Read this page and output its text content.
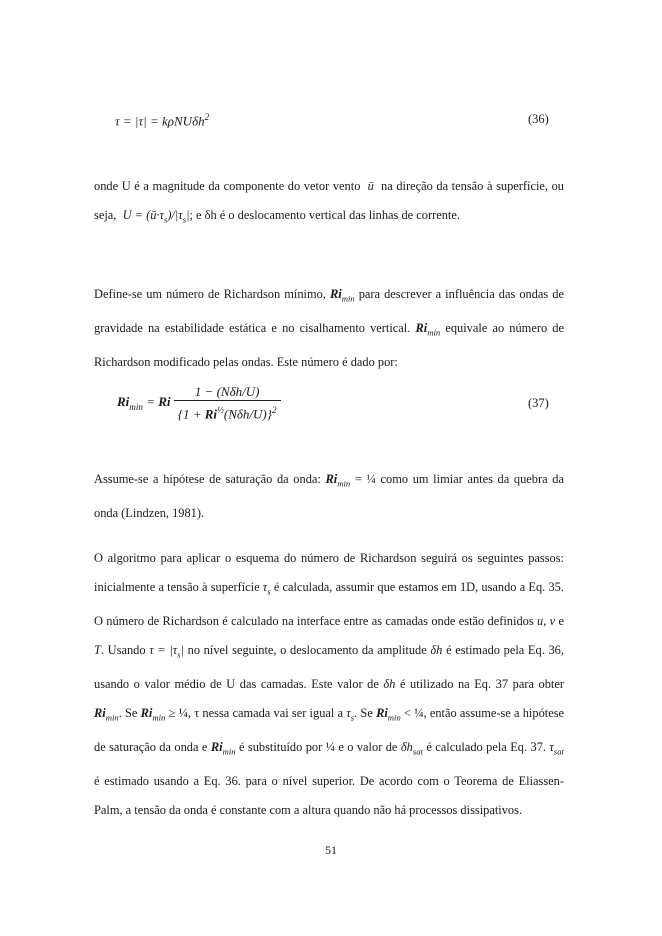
τ = |τ| = kρNUδh$^2$	(36)

onde U é a magnitude da componente do vetor vento ū na direção da tensão à superfície, ou seja, $U = (ū\cdot\tau_s)/|\tau_s|$; e δh é o deslocamento vertical das linhas de corrente.

Define-se um número de Richardson mínimo, $Ri_{min}$ para descrever a influência das ondas de gravidade na estabilidade estática e no cisalhamento vertical. $Ri_{min}$ equivale ao número de Richardson modificado pelas ondas. Este número é dado por:

$Ri_{min} = Ri \frac{\text{1 − (Nδh/U)}}{\{1 + Ri^{\frac{1}{2}}(N\delta h/U)\}^2}$	(37)

Assume-se a hipótese de saturação da onda: $Ri_{min}$ = ¼ como um limiar antes da quebra da onda (Lindzen, 1981).

O algoritmo para aplicar o esquema do número de Richardson seguirá os seguintes passos: inicialmente a tensão à superfície $\tau_s$ é calculada, assumir que estamos em 1D, usando a Eq. 35. O número de Richardson é calculado na interface entre as camadas onde estão definidos u, v e T. Usando $\tau = |\tau_s|$ no nível seguinte, o deslocamento da amplitude δh é estimado pela Eq. 36, usando o valor médio de U das camadas. Este valor de δh é utilizado na Eq. 37 para obter $Ri_{min}$. Se $Ri_{min}$ ≥ ¼, τ nessa camada vai ser igual a $\tau_s$. Se $Ri_{min}$ < ¼, então assume-se a hipótese de saturação da onda e $Ri_{min}$ é substituído por ¼ e o valor de $\delta h_{sat}$ é calculado pela Eq. 37. $\tau_{sat}$ é estimado usando a Eq. 36. para o nível superior. De acordo com o Teorema de Eliassen-Palm, a tensão da onda é constante com a altura quando não há processos dissipativos.

51
